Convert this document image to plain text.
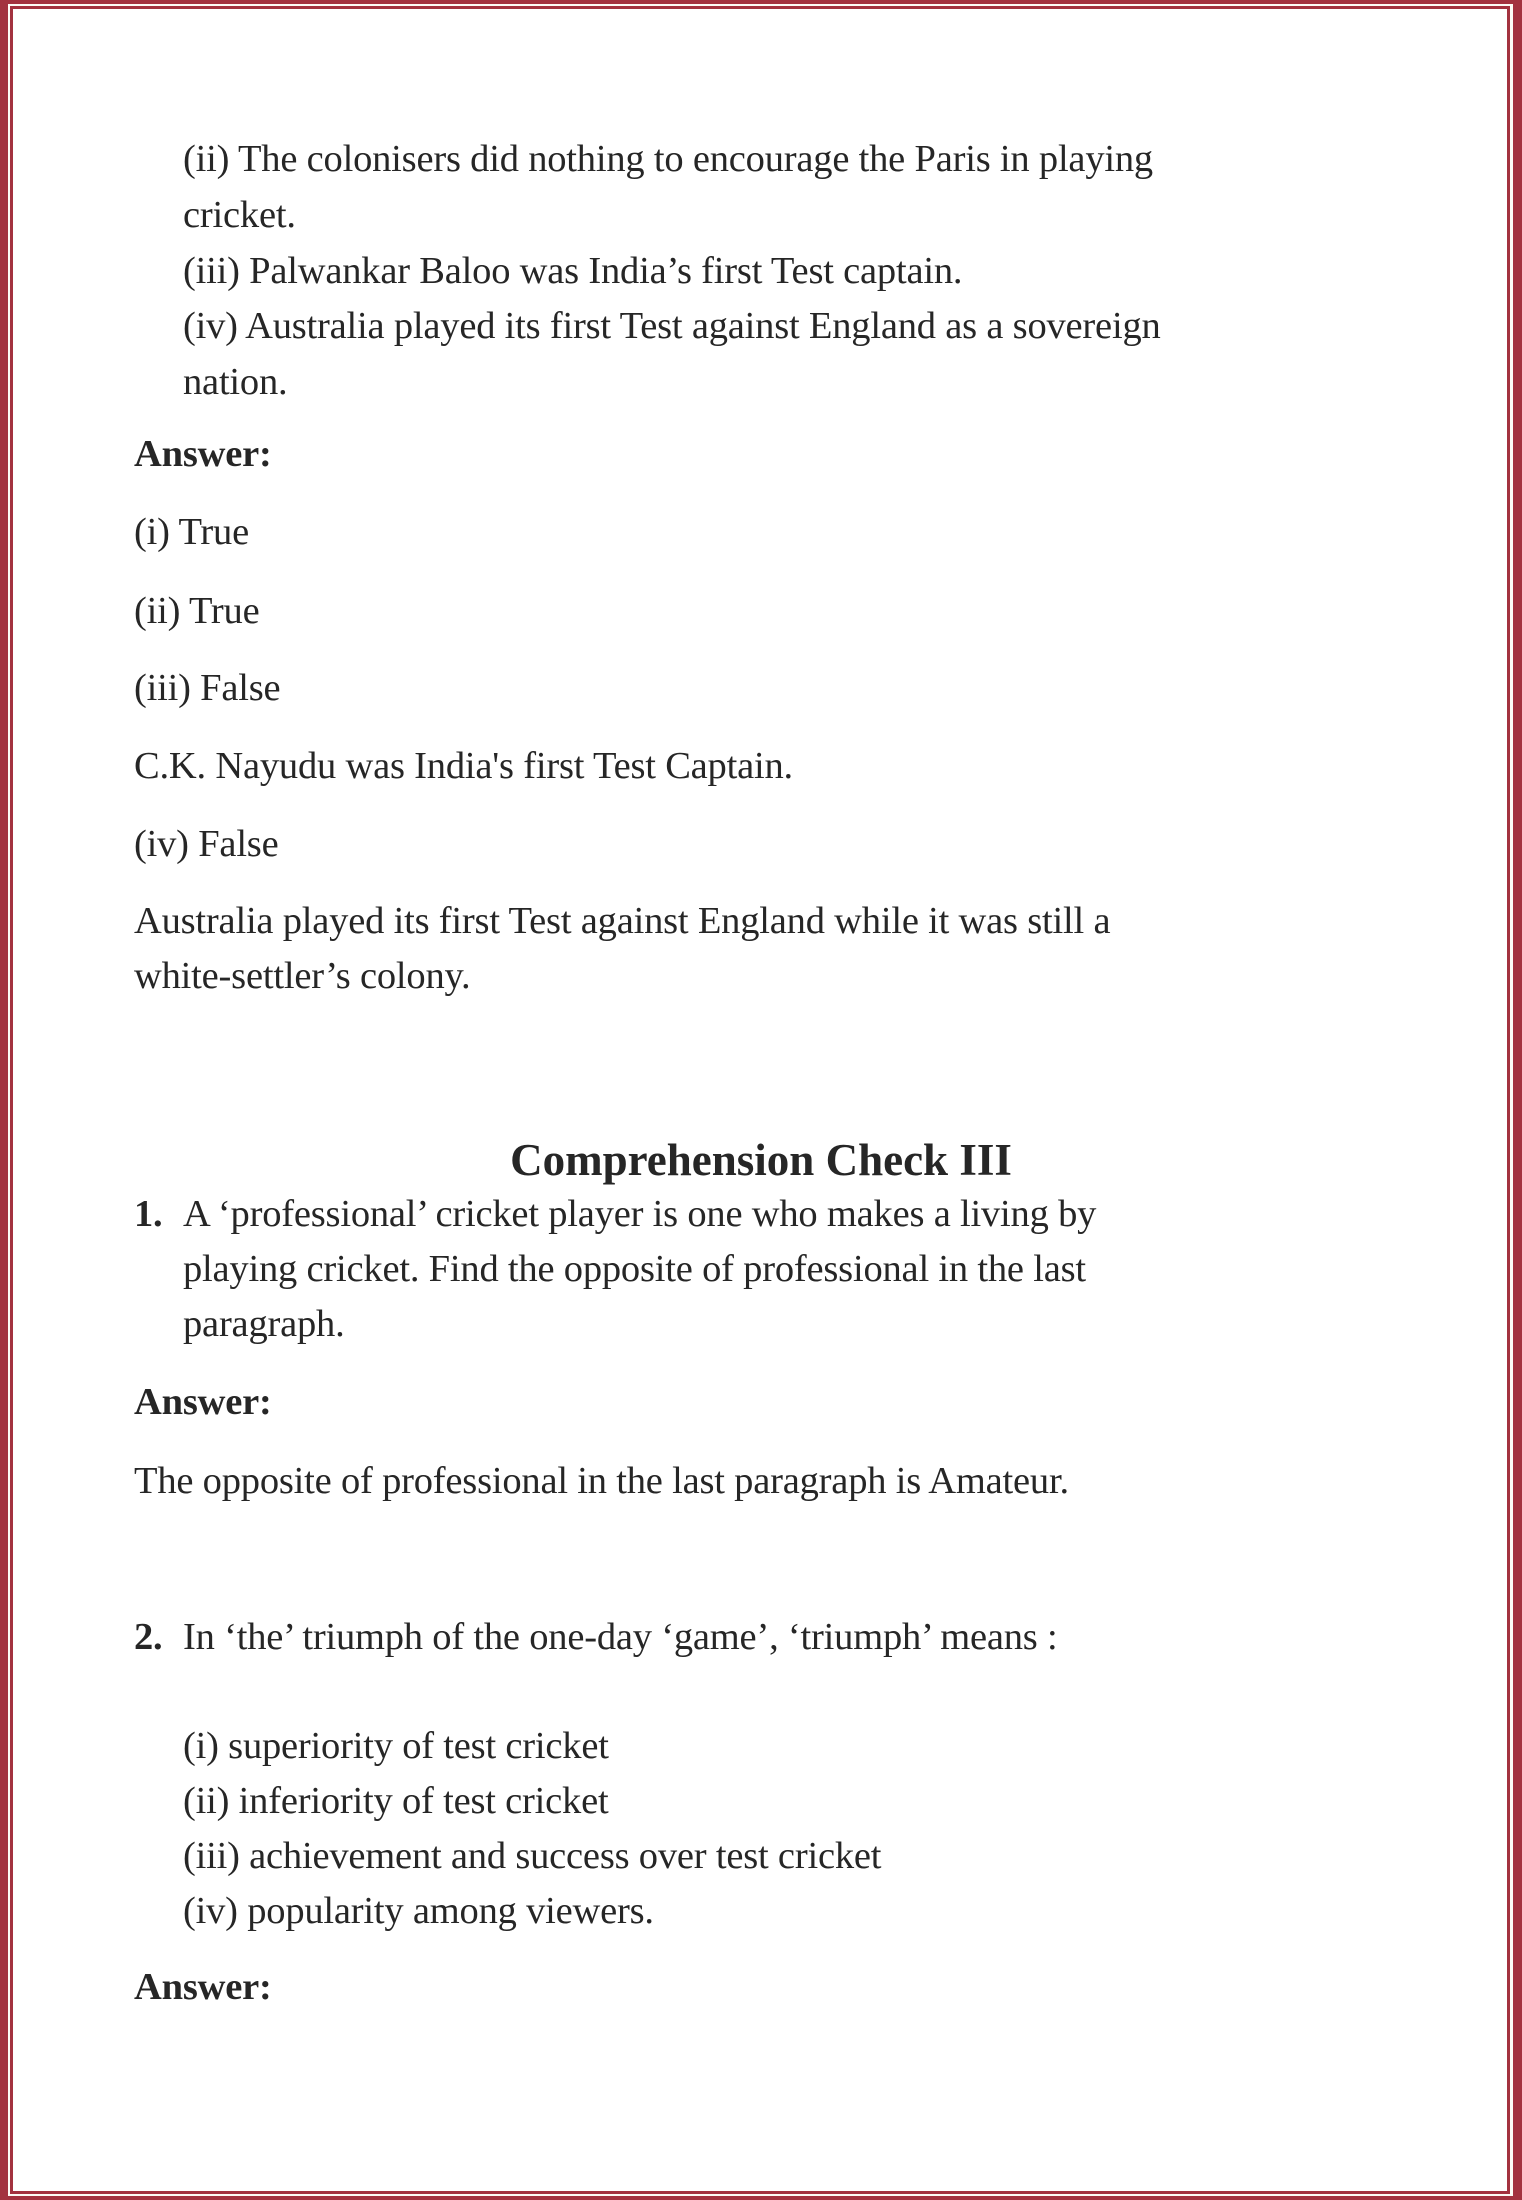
(ii) The colonisers did nothing to encourage the Paris in playing
cricket.
(iii) Palwankar Baloo was India’s first Test captain.
(iv) Australia played its first Test against England as a sovereign
nation.
Answer:
(i) True
(ii) True
(iii) False
C.K. Nayudu was India's first Test Captain.
(iv) False
Australia played its first Test against England while it was still a
white-settler’s colony.
Comprehension Check III
1. A ‘professional’ cricket player is one who makes a living by
playing cricket. Find the opposite of professional in the last
paragraph.
Answer:
The opposite of professional in the last paragraph is Amateur.
2. In ‘the’ triumph of the one-day ‘game’, ‘triumph’ means :
(i) superiority of test cricket
(ii) inferiority of test cricket
(iii) achievement and success over test cricket
(iv) popularity among viewers.
Answer:
